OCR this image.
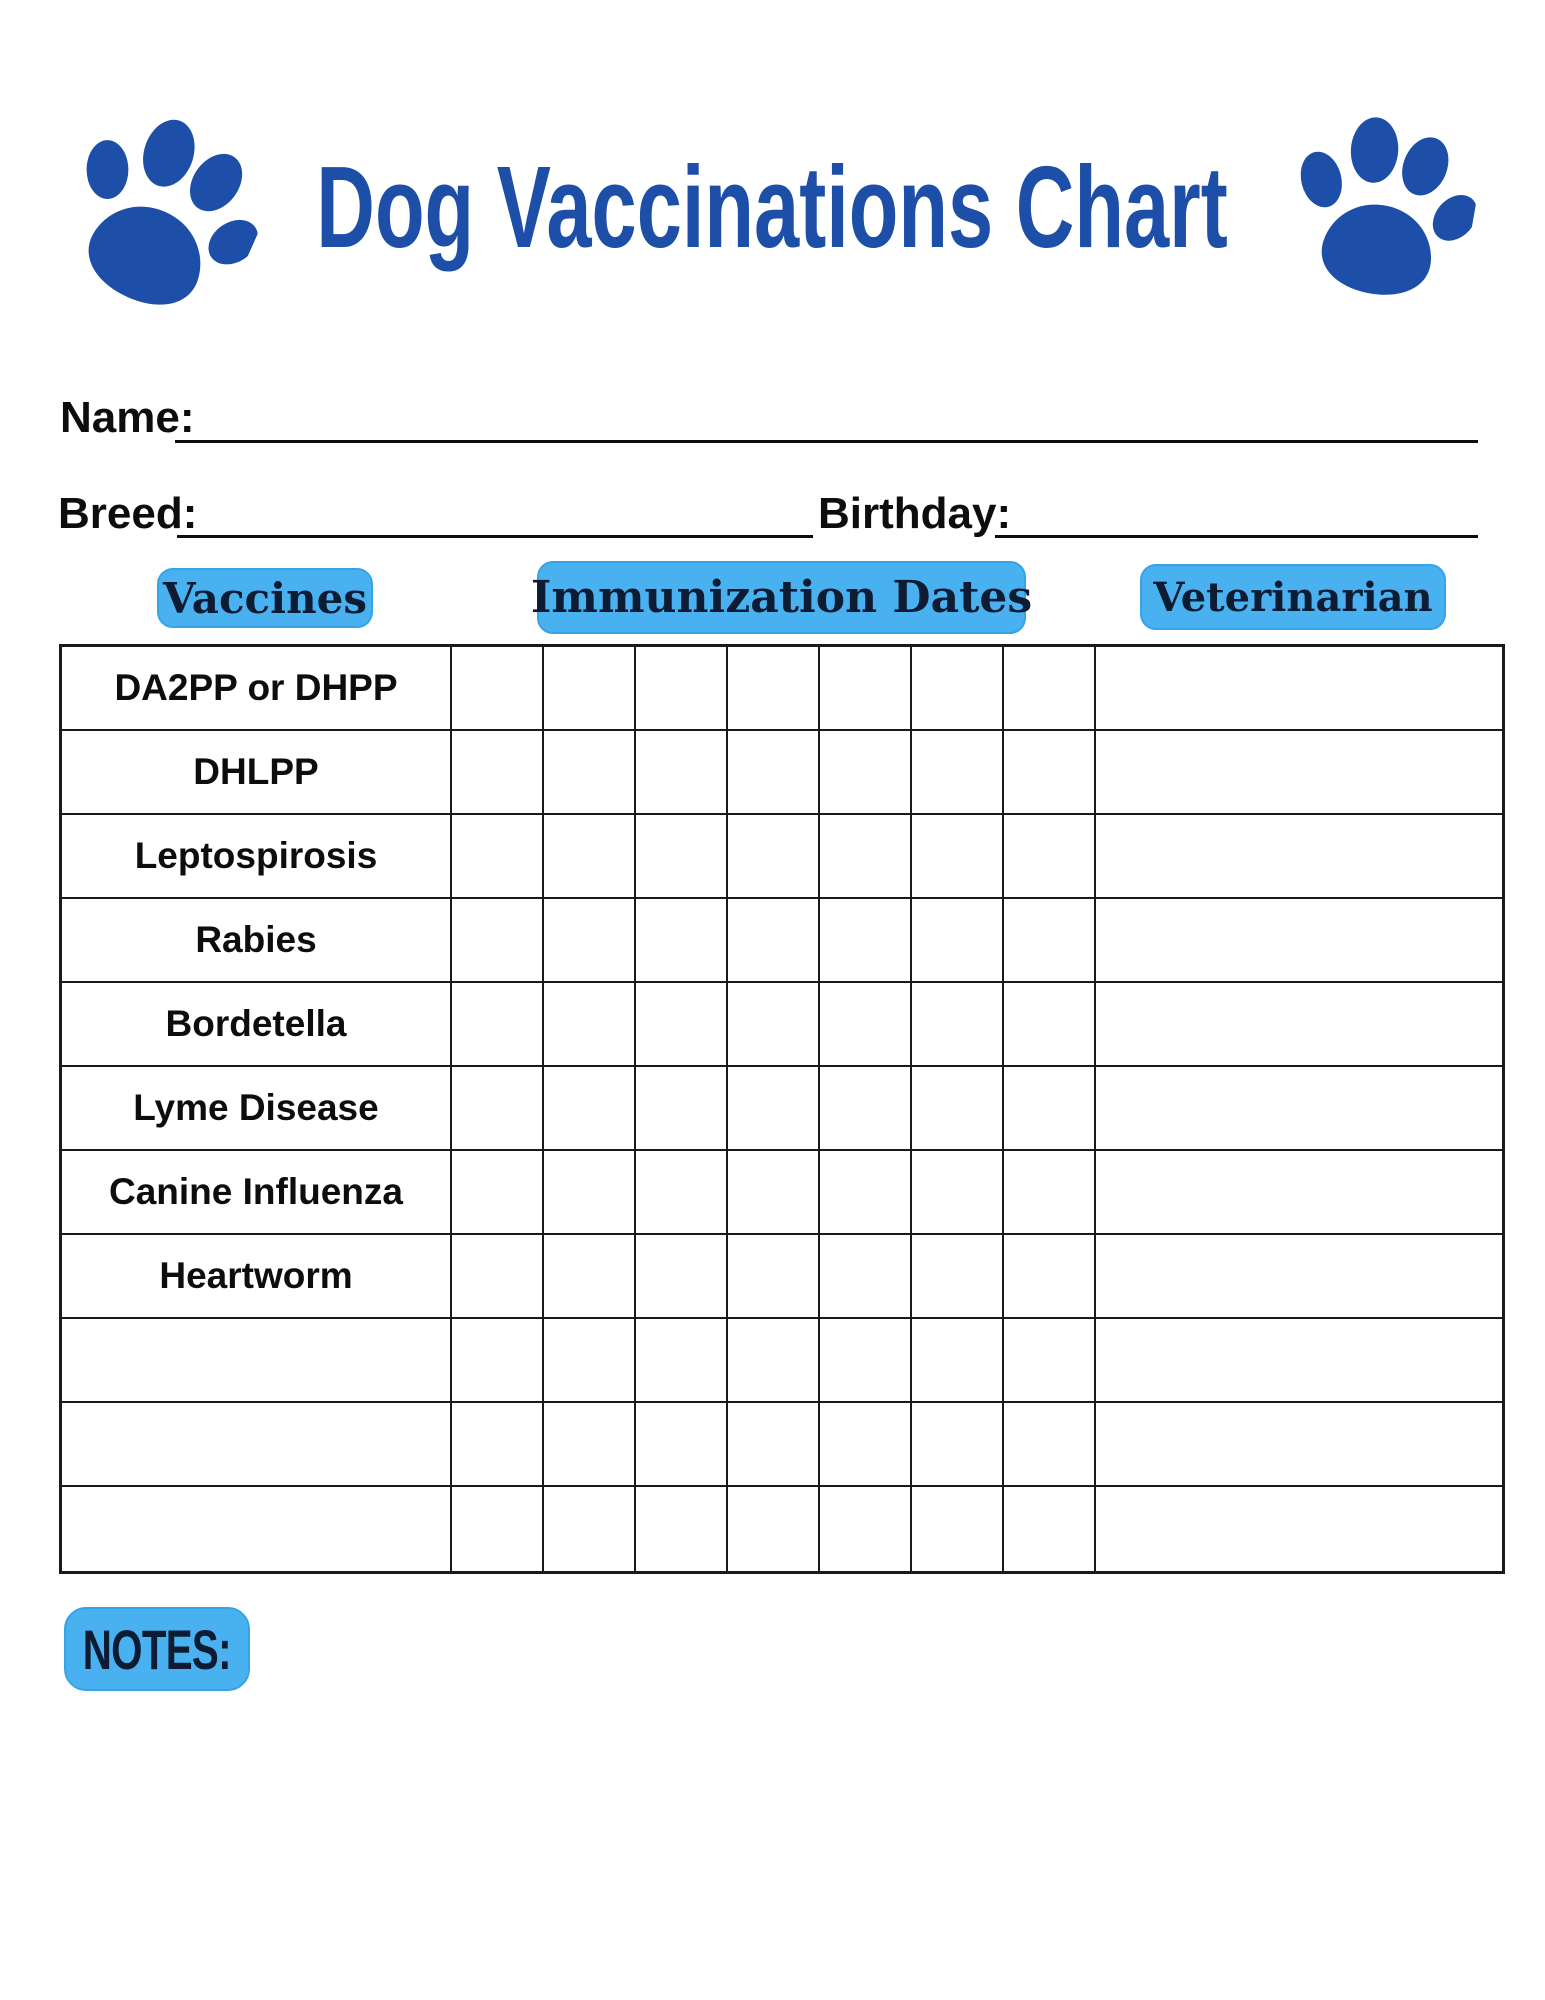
Dog Vaccinations Chart
Name:
Breed:	Birthday:
Vaccines	Immunization Dates	Veterinarian
DA2PP or DHPP
DHLPP
Leptospirosis
Rabies
Bordetella
Lyme Disease
Canine Influenza
Heartworm
NOTES:
